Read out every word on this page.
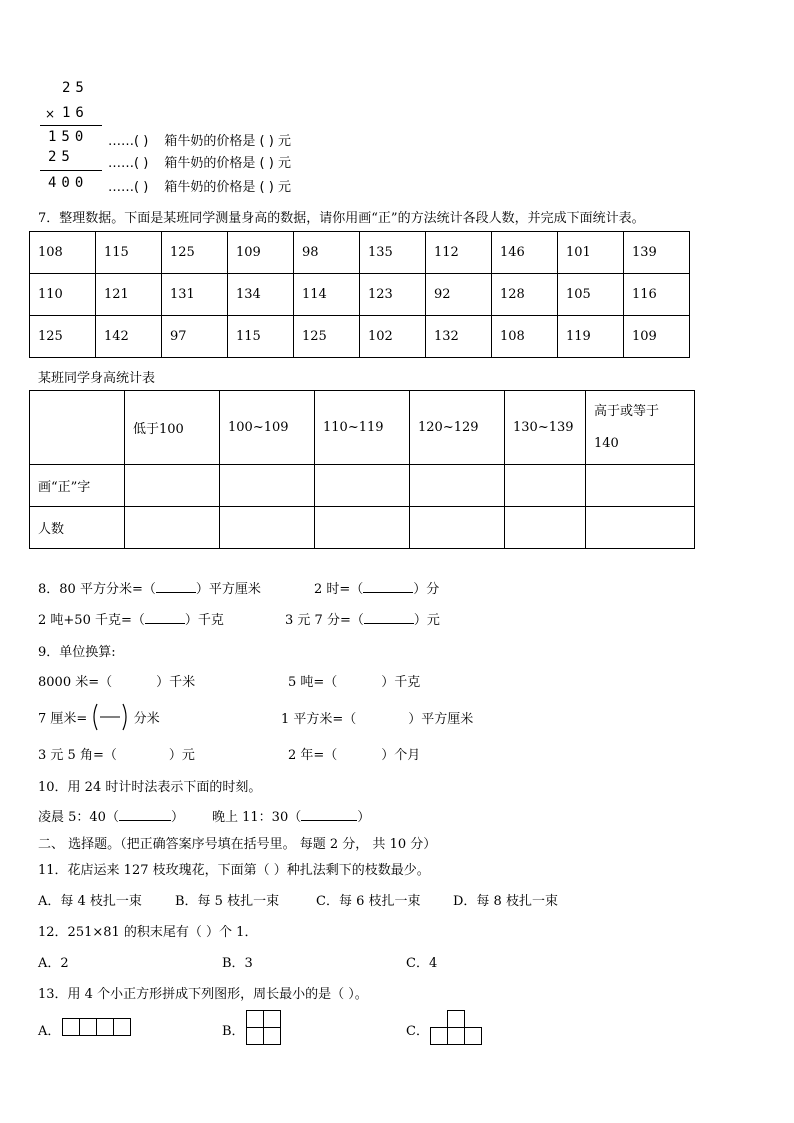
25
× 16
150
25
400
……( ) 箱牛奶的价格是 ( ) 元
……( ) 箱牛奶的价格是 ( ) 元
……( ) 箱牛奶的价格是 ( ) 元
7．整理数据。下面是某班同学测量身高的数据，请你用画“正”的方法统计各段人数，并完成下面统计表。
108	115	125	109	98	135	112	146	101	139
110	121	131	134	114	123	92	128	105	116
125	142	97	115	125	102	132	108	119	109
某班同学身高统计表
	低于100	100~109	110~119	120~129	130~139	高于或等于140
画“正”字						
人数						
8．80 平方分米=（	）平方厘米	2 时=（	）分
2 吨+50 千克=（	）千克	3 元 7 分=（	）元
9．单位换算:
8000 米=（	）千米	5 吨=（	）千克
7 厘米=	分米	1 平方米=（	）平方厘米
3 元 5 角=（	）元	2 年=（	）个月
10．用 24 时计时法表示下面的时刻。
凌晨 5：40（	） 晚上 11：30（	）
二、 选择题。（把正确答案序号填在括号里。 每题 2 分， 共 10 分）
11．花店运来 127 枝玫瑰花，下面第（ ）种扎法剩下的枝数最少。
A．每 4 枝扎一束	B．每 5 枝扎一束	C．每 6 枝扎一束	D．每 8 枝扎一束
12．251×81 的积末尾有（ ）个 1．
A．2	B．3	C．4
13．用 4 个小正方形拼成下列图形，周长最小的是（ ）。
A．	B．	C．
